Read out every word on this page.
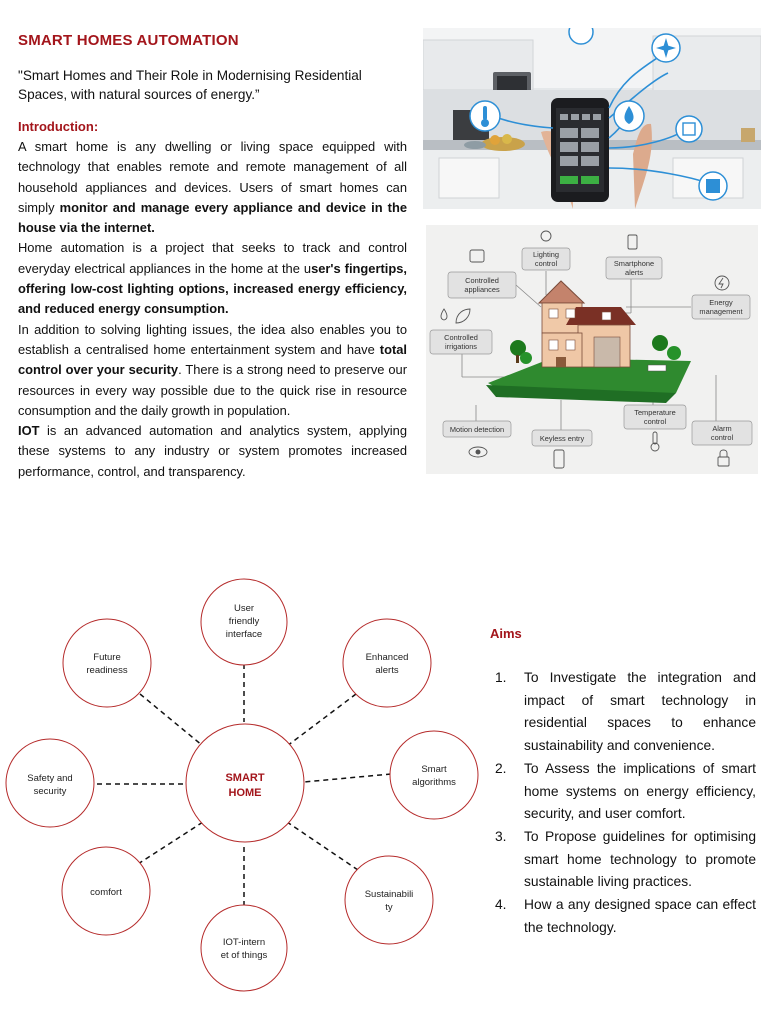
SMART HOMES AUTOMATION
"Smart Homes and Their Role in Modernising Residential Spaces, with natural sources of energy.”
Introduction:

A smart home is any dwelling or living space equipped with technology that enables remote and remote management of all household appliances and devices. Users of smart homes can simply monitor and manage every appliance and device in the house via the internet.

Home automation is a project that seeks to track and control everyday electrical appliances in the home at the user's fingertips, offering low-cost lighting options, increased energy efficiency, and reduced energy consumption.

In addition to solving lighting issues, the idea also enables you to establish a centralised home entertainment system and have total control over your security. There is a strong need to preserve our resources in every way possible due to the quick rise in resource consumption and the daily growth in population.

IOT is an advanced automation and analytics system, applying these systems to any industry or system promotes increased performance, control, and transparency.

Lighting
control	Smartphone
alerts
Controlled
appliances
Energy
management
Controlled
irrigations
Temperature
control
Motion detection
Keyless entry
Alarm
control
SMART
HOME
User
friendly
interface
Future
readiness
Enhanced
alerts
Safety and
security
Smart
algorithms
comfort	Sustainabili
ty
IOT-intern
et of things
Aims
1. To Investigate the integration and impact of smart technology in residential spaces to enhance sustainability and convenience.
2. To Assess the implications of smart home systems on energy efficiency, security, and user comfort.
3. To Propose guidelines for optimising smart home technology to promote sustainable living practices.
4. How a any designed space can effect the technology.
